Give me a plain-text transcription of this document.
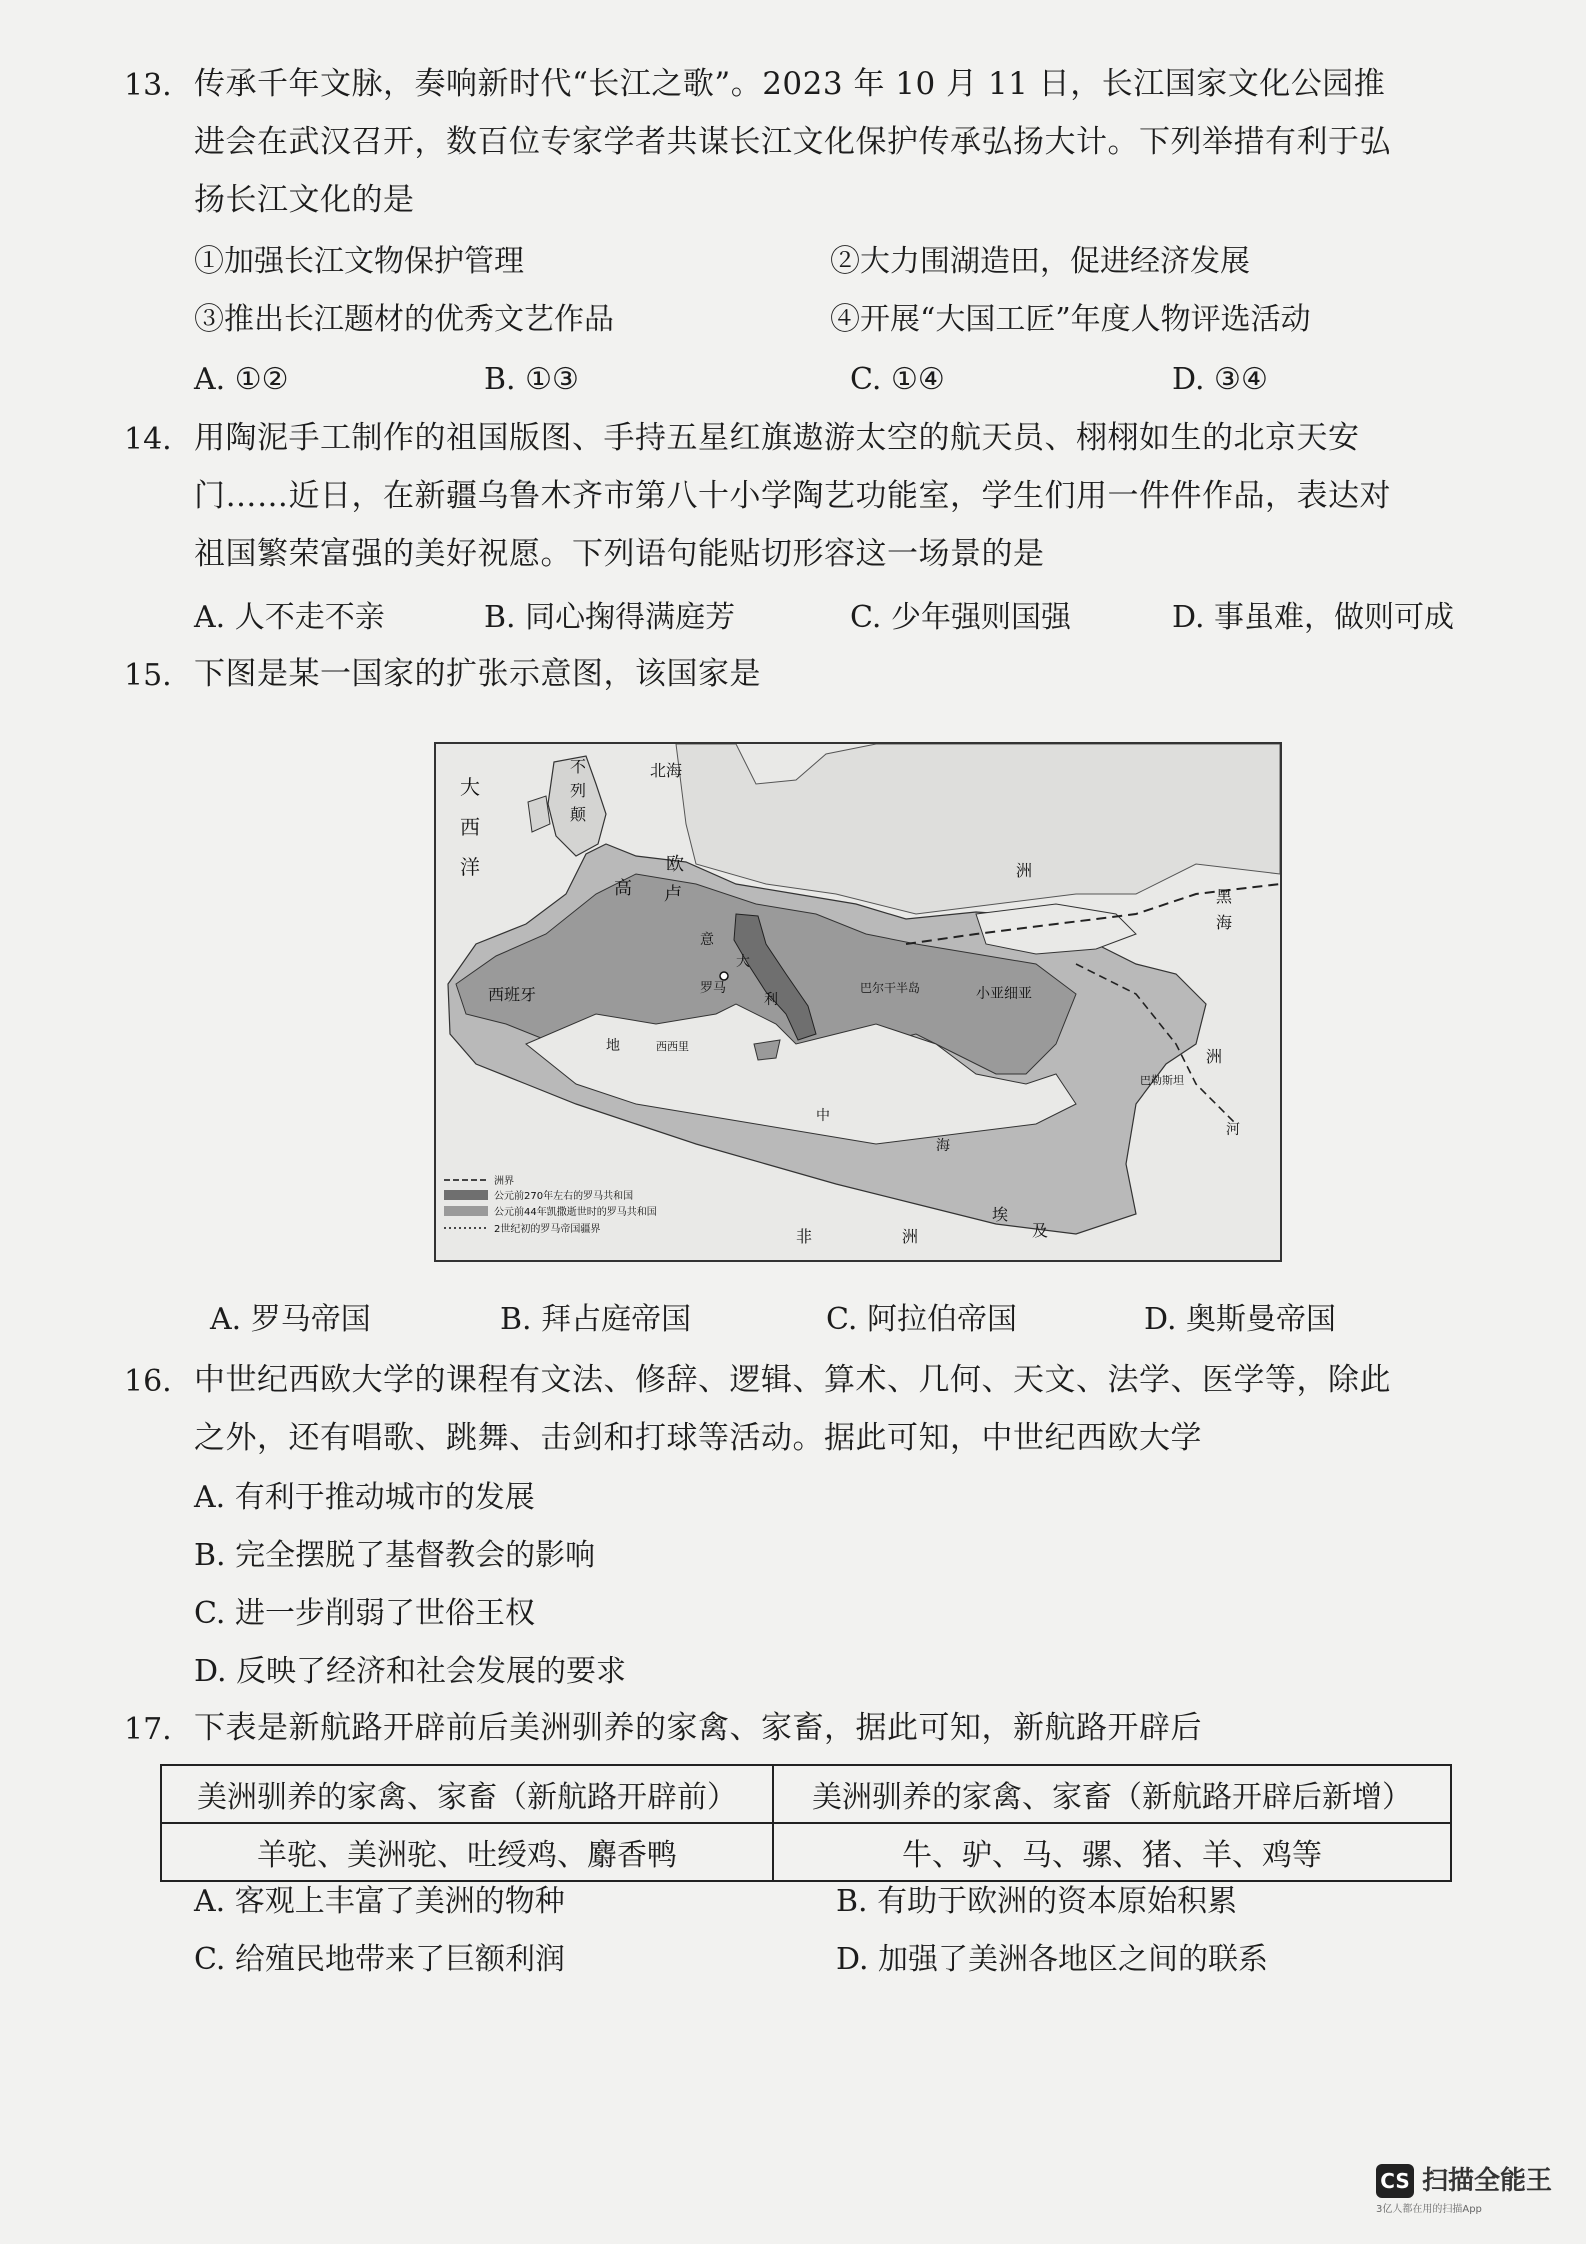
13. 传承千年文脉，奏响新时代“长江之歌”。2023 年 10 月 11 日，长江国家文化公园推
进会在武汉召开，数百位专家学者共谋长江文化保护传承弘扬大计。下列举措有利于弘
扬长江文化的是
①加强长江文物保护管理	②大力围湖造田，促进经济发展
③推出长江题材的优秀文艺作品	④开展“大国工匠”年度人物评选活动
A. ①②	B. ①③	C. ①④	D. ③④
14. 用陶泥手工制作的祖国版图、手持五星红旗遨游太空的航天员、栩栩如生的北京天安
门……近日，在新疆乌鲁木齐市第八十小学陶艺功能室，学生们用一件件作品，表达对
祖国繁荣富强的美好祝愿。下列语句能贴切形容这一场景的是
A. 人不走不亲	B. 同心掬得满庭芳	C. 少年强则国强	D. 事虽难，做则可成
15. 下图是某一国家的扩张示意图，该国家是
大
西
洋
不
列
颠
北海
洲
高 卢
欧
黑
海
西班牙
意
大
利
罗马	巴尔干半岛	小亚细亚
地
中
海
西西里
洲
河
巴勒斯坦
埃
及
非	洲
洲界
公元前270年左右的罗马共和国
公元前44年凯撒逝世时的罗马共和国
2世纪初的罗马帝国疆界
A. 罗马帝国	B. 拜占庭帝国	C. 阿拉伯帝国	D. 奥斯曼帝国
16. 中世纪西欧大学的课程有文法、修辞、逻辑、算术、几何、天文、法学、医学等，除此
之外，还有唱歌、跳舞、击剑和打球等活动。据此可知，中世纪西欧大学
A. 有利于推动城市的发展
B. 完全摆脱了基督教会的影响
C. 进一步削弱了世俗王权
D. 反映了经济和社会发展的要求
17. 下表是新航路开辟前后美洲驯养的家禽、家畜，据此可知，新航路开辟后
美洲驯养的家禽、家畜（新航路开辟前）	美洲驯养的家禽、家畜（新航路开辟后新增）
羊驼、美洲驼、吐绶鸡、麝香鸭	牛、驴、马、骡、猪、羊、鸡等
A. 客观上丰富了美洲的物种	B. 有助于欧洲的资本原始积累
C. 给殖民地带来了巨额利润	D. 加强了美洲各地区之间的联系
CS 扫描全能王
3亿人都在用的扫描App
